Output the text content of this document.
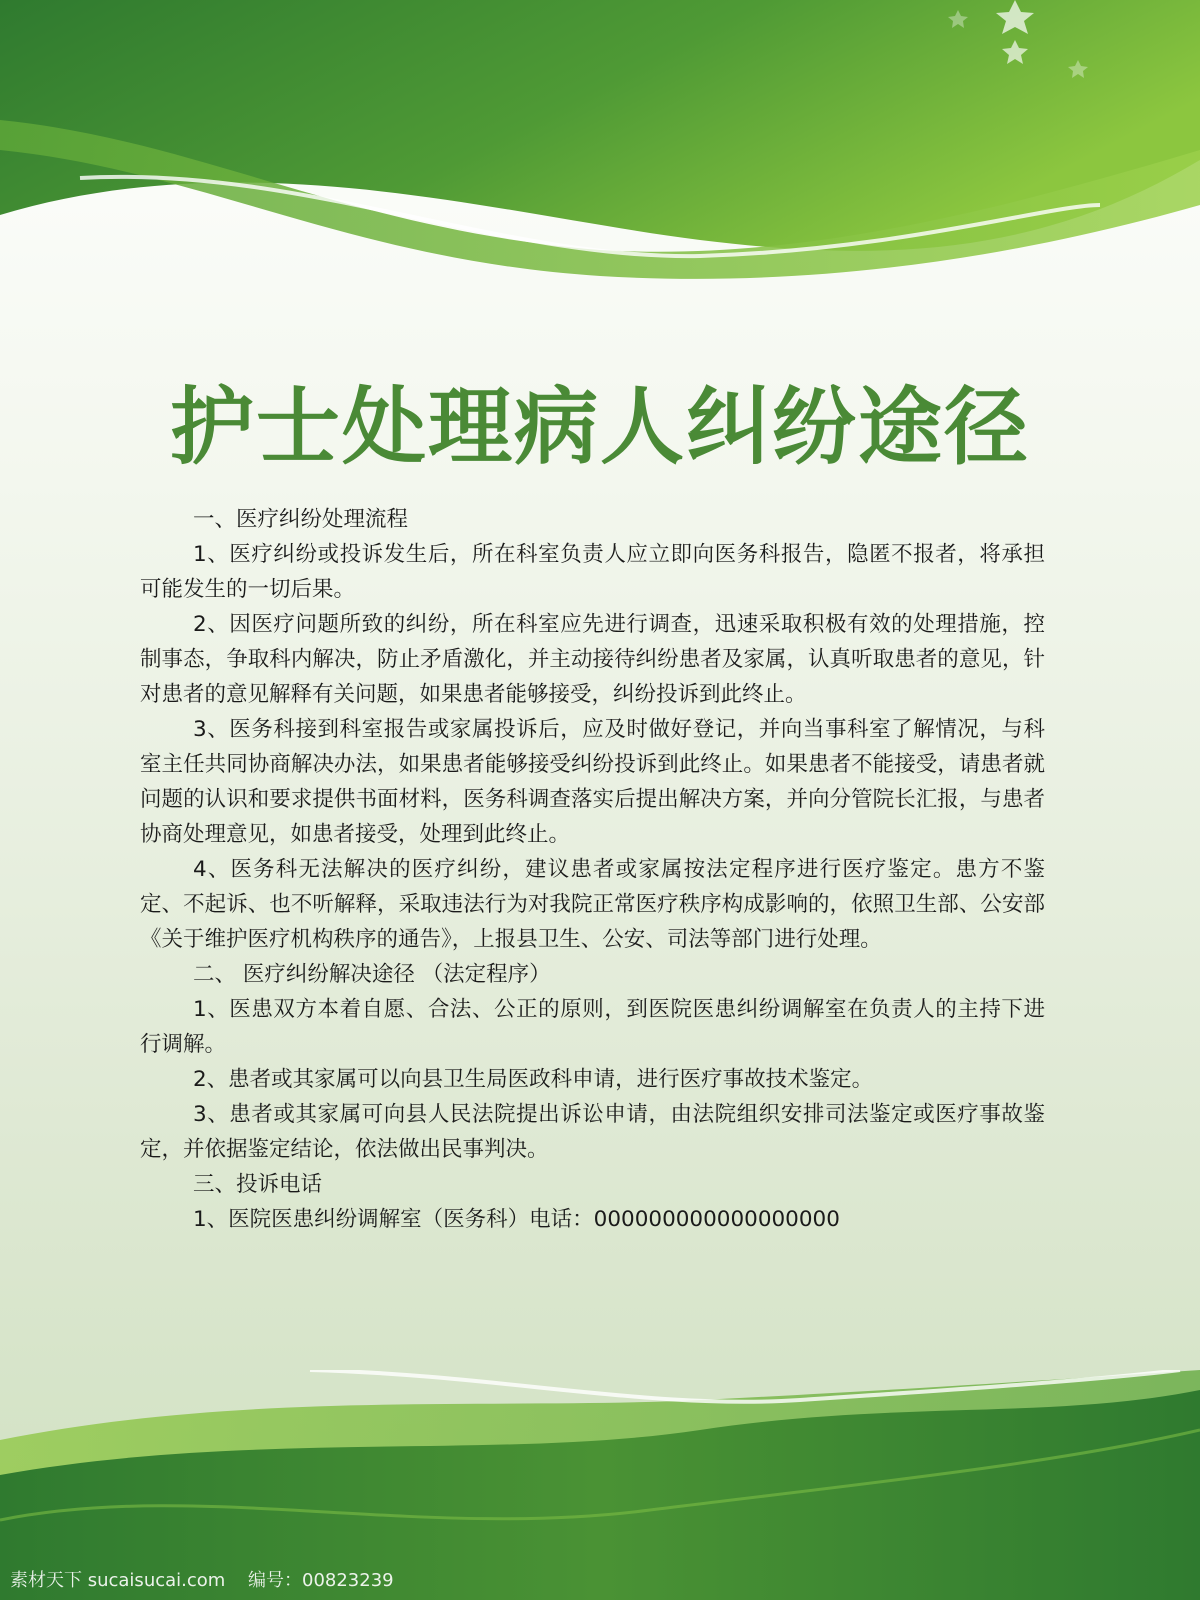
护士处理病人纠纷途径

一、医疗纠纷处理流程

1、医疗纠纷或投诉发生后，所在科室负责人应立即向医务科报告，隐匿不报者，将承担可能发生的一切后果。

2、因医疗问题所致的纠纷，所在科室应先进行调查，迅速采取积极有效的处理措施，控制事态，争取科内解决，防止矛盾激化，并主动接待纠纷患者及家属，认真听取患者的意见，针对患者的意见解释有关问题，如果患者能够接受，纠纷投诉到此终止。

3、医务科接到科室报告或家属投诉后，应及时做好登记，并向当事科室了解情况，与科室主任共同协商解决办法，如果患者能够接受纠纷投诉到此终止。如果患者不能接受，请患者就问题的认识和要求提供书面材料，医务科调查落实后提出解决方案，并向分管院长汇报，与患者协商处理意见，如患者接受，处理到此终止。

4、医务科无法解决的医疗纠纷，建议患者或家属按法定程序进行医疗鉴定。患方不鉴定、不起诉、也不听解释，采取违法行为对我院正常医疗秩序构成影响的，依照卫生部、公安部《关于维护医疗机构秩序的通告》，上报县卫生、公安、司法等部门进行处理。

二、 医疗纠纷解决途径 （法定程序）

1、医患双方本着自愿、合法、公正的原则，到医院医患纠纷调解室在负责人的主持下进行调解。

2、患者或其家属可以向县卫生局医政科申请，进行医疗事故技术鉴定。

3、患者或其家属可向县人民法院提出诉讼申请，由法院组织安排司法鉴定或医疗事故鉴定，并依据鉴定结论，依法做出民事判决。

三、投诉电话

1、医院医患纠纷调解室（医务科）电话：000000000000000000

素材天下 sucaisucai.com 编号：00823239
